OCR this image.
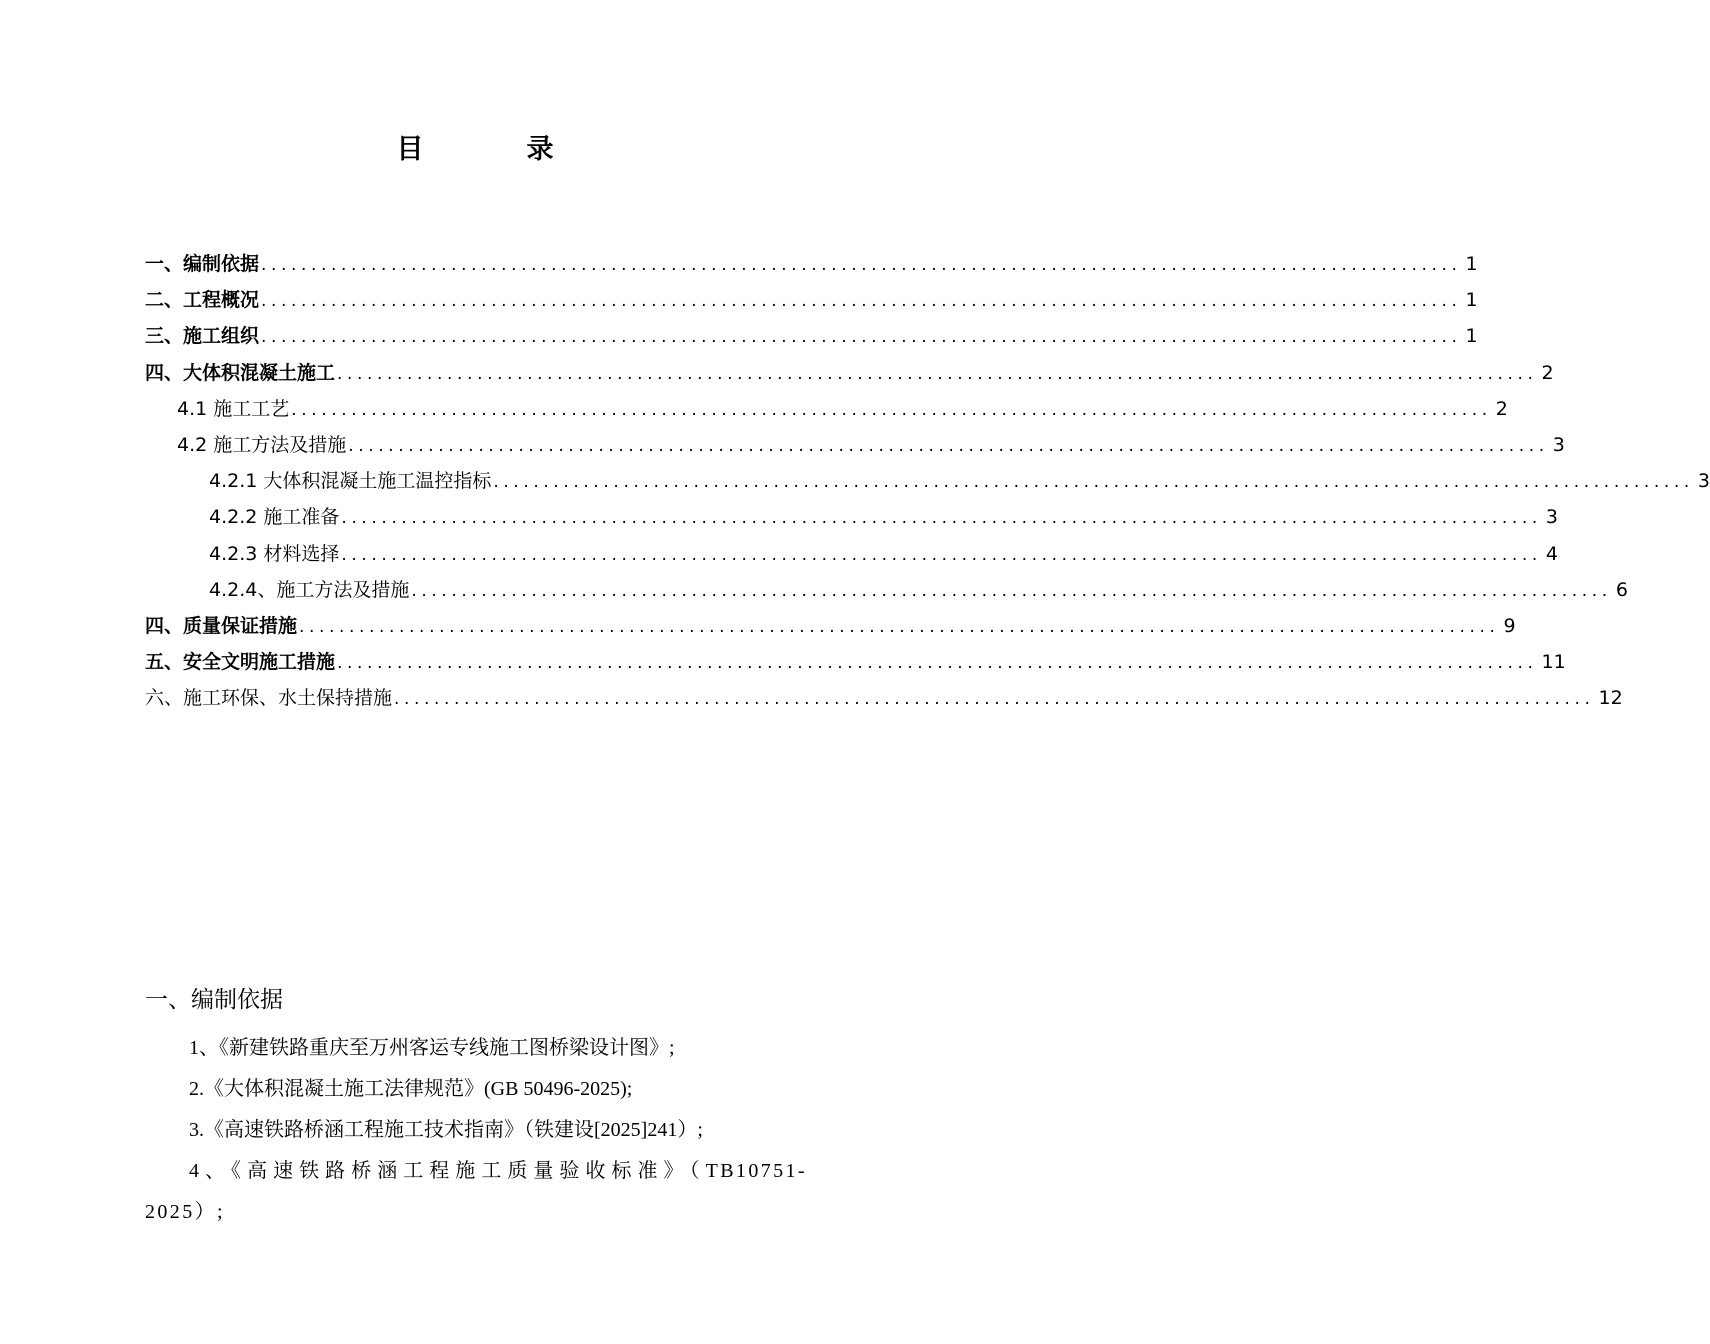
目　录
一、编制依据 ........................................................................................................................ 1
二、工程概况 ........................................................................................................................ 1
三、施工组织 ........................................................................................................................ 1
四、大体积混凝土施工 ........................................................................................................................ 2
4.1 施工工艺 ........................................................................................................................ 2
4.2 施工方法及措施 ........................................................................................................................ 3
4.2.1 大体积混凝土施工温控指标 ........................................................................................................................ 3
4.2.2 施工准备 ........................................................................................................................ 3
4.2.3 材料选择 ........................................................................................................................ 4
4.2.4、施工方法及措施 ........................................................................................................................ 6
四、质量保证措施 ........................................................................................................................ 9
五、安全文明施工措施 ........................................................................................................................ 11
六、施工环保、水土保持措施 ........................................................................................................................ 12
一、编制依据

1、《新建铁路重庆至万州客运专线施工图桥梁设计图》;

2.《大体积混凝土施工法律规范》(GB 50496-2025);

3.《高速铁路桥涵工程施工技术指南》（铁建设[2025]241）;

4、《高速铁路桥涵工程施工质量验收标准》（TB10751-2025）;
